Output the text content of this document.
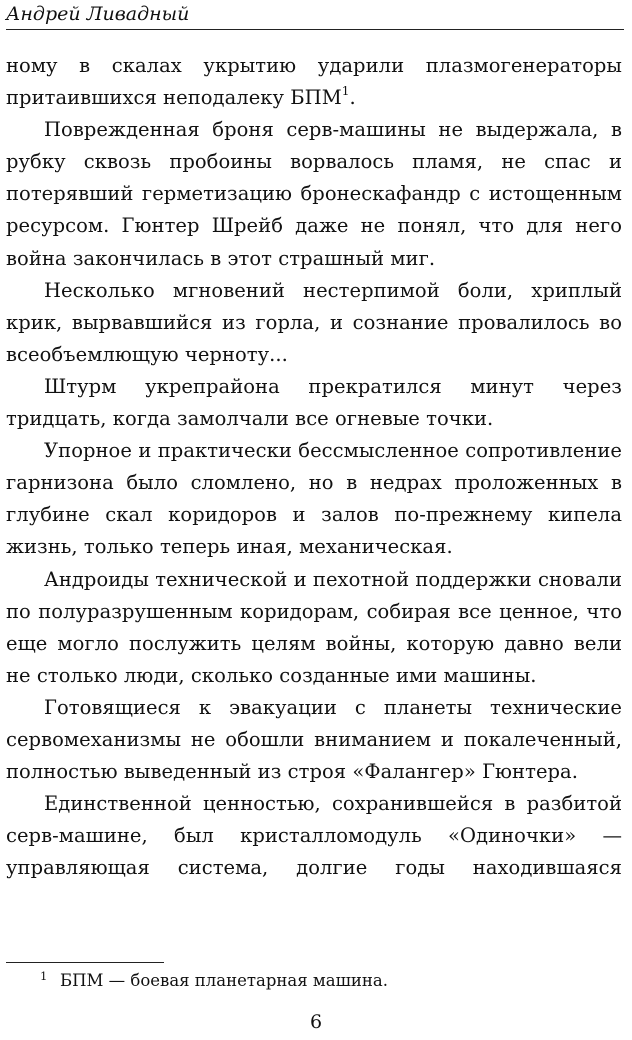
Андрей Ливадный

ному в скалах укрытию ударили плазмогенераторы притаившихся неподалеку БПМ$^1$.

Поврежденная броня серв-машины не выдержала, в рубку сквозь пробоины ворвалось пламя, не спас и потерявший герметизацию бронескафандр с истощенным ресурсом. Гюнтер Шрейб даже не понял, что для него война закончилась в этот страшный миг.

Несколько мгновений нестерпимой боли, хриплый крик, вырвавшийся из горла, и сознание провалилось во всеобъемлющую черноту...

Штурм укрепрайона прекратился минут через тридцать, когда замолчали все огневые точки.

Упорное и практически бессмысленное сопротивление гарнизона было сломлено, но в недрах проложенных в глубине скал коридоров и залов по-прежнему кипела жизнь, только теперь иная, механическая.

Андроиды технической и пехотной поддержки сновали по полуразрушенным коридорам, собирая все ценное, что еще могло послужить целям войны, которую давно вели не столько люди, сколько созданные ими машины.

Готовящиеся к эвакуации с планеты технические сервомеханизмы не обошли вниманием и покалеченный, полностью выведенный из строя «Фалангер» Гюнтера.

Единственной ценностью, сохранившейся в разбитой серв-машине, был кристалломодуль «Одиночки» — управляющая система, долгие годы находившаяся

1 БПМ — боевая планетарная машина.
6
